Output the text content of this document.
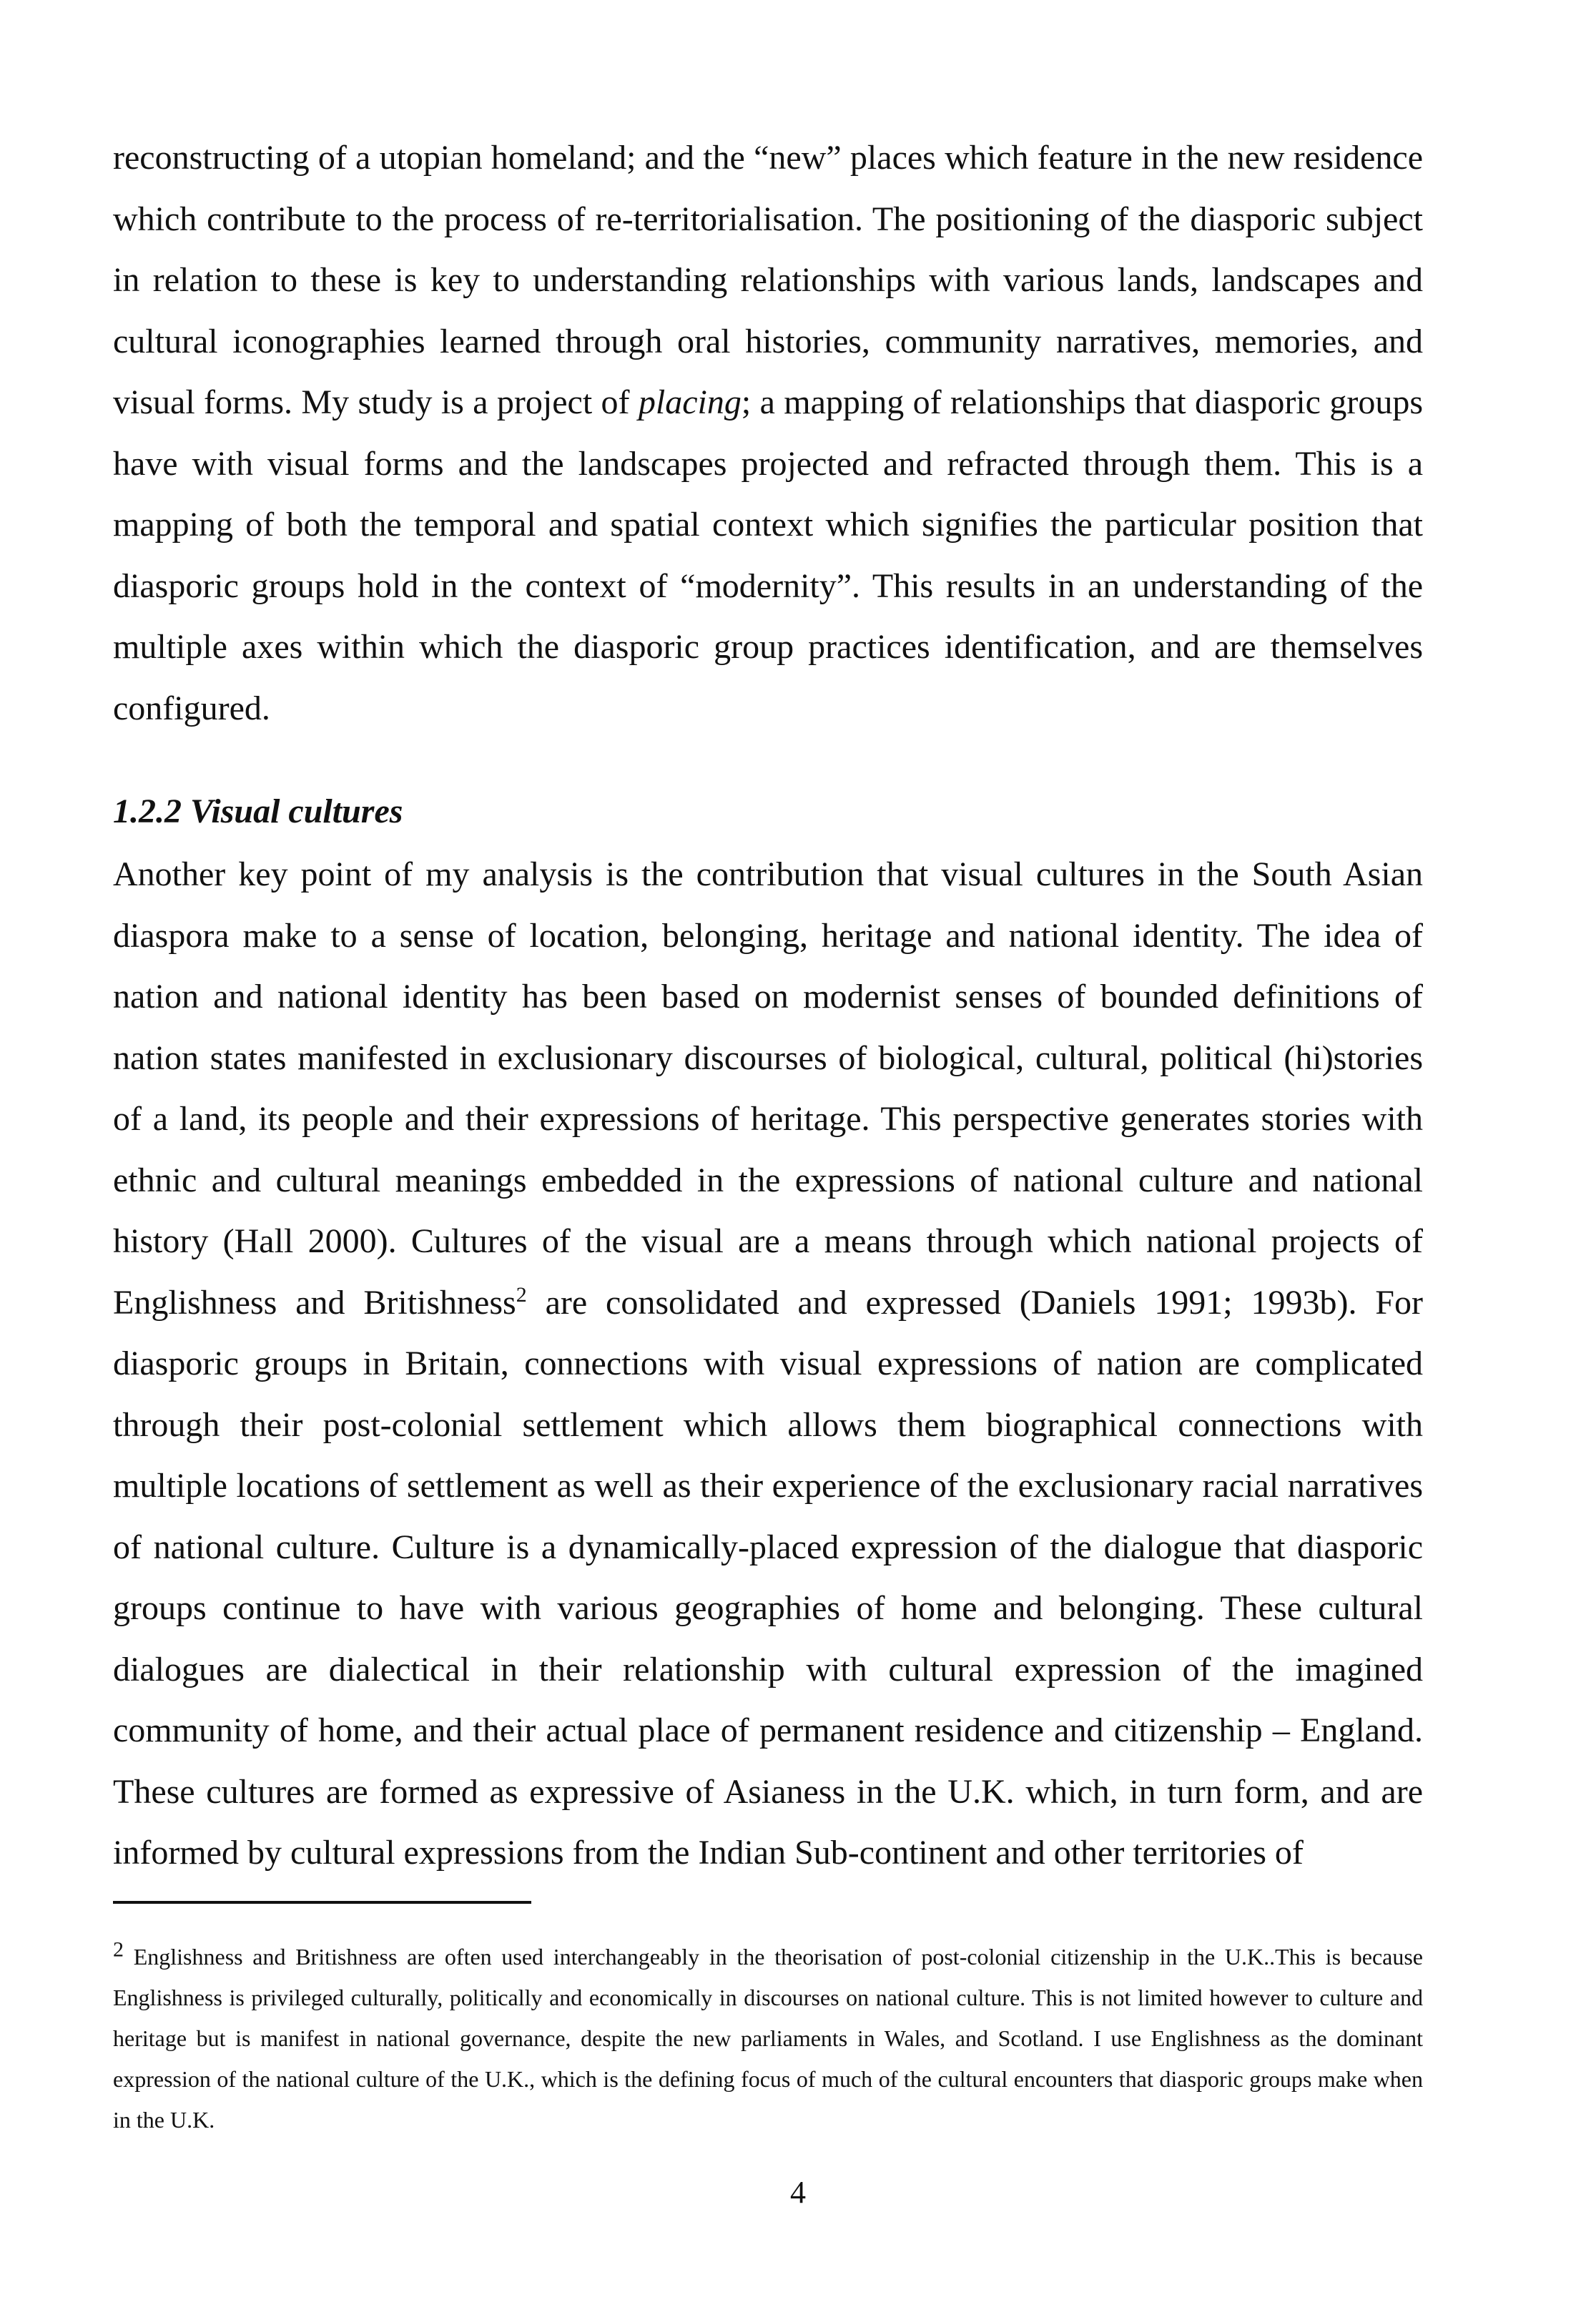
reconstructing of a utopian homeland; and the “new” places which feature in the new residence which contribute to the process of re-territorialisation. The positioning of the diasporic subject in relation to these is key to understanding relationships with various lands, landscapes and cultural iconographies learned through oral histories, community narratives, memories, and visual forms. My study is a project of placing; a mapping of relationships that diasporic groups have with visual forms and the landscapes projected and refracted through them. This is a mapping of both the temporal and spatial context which signifies the particular position that diasporic groups hold in the context of “modernity”. This results in an understanding of the multiple axes within which the diasporic group practices identification, and are themselves configured.

1.2.2 Visual cultures

Another key point of my analysis is the contribution that visual cultures in the South Asian diaspora make to a sense of location, belonging, heritage and national identity. The idea of nation and national identity has been based on modernist senses of bounded definitions of nation states manifested in exclusionary discourses of biological, cultural, political (hi)stories of a land, its people and their expressions of heritage. This perspective generates stories with ethnic and cultural meanings embedded in the expressions of national culture and national history (Hall 2000). Cultures of the visual are a means through which national projects of Englishness and Britishness$^2$ are consolidated and expressed (Daniels 1991; 1993b). For diasporic groups in Britain, connections with visual expressions of nation are complicated through their post-colonial settlement which allows them biographical connections with multiple locations of settlement as well as their experience of the exclusionary racial narratives of national culture. Culture is a dynamically-placed expression of the dialogue that diasporic groups continue to have with various geographies of home and belonging. These cultural dialogues are dialectical in their relationship with cultural expression of the imagined community of home, and their actual place of permanent residence and citizenship – England. These cultures are formed as expressive of Asianess in the U.K. which, in turn form, and are informed by cultural expressions from the Indian Sub-continent and other territories of

$^2$ Englishness and Britishness are often used interchangeably in the theorisation of post-colonial citizenship in the U.K..This is because Englishness is privileged culturally, politically and economically in discourses on national culture. This is not limited however to culture and heritage but is manifest in national governance, despite the new parliaments in Wales, and Scotland. I use Englishness as the dominant expression of the national culture of the U.K., which is the defining focus of much of the cultural encounters that diasporic groups make when in the U.K.

4
